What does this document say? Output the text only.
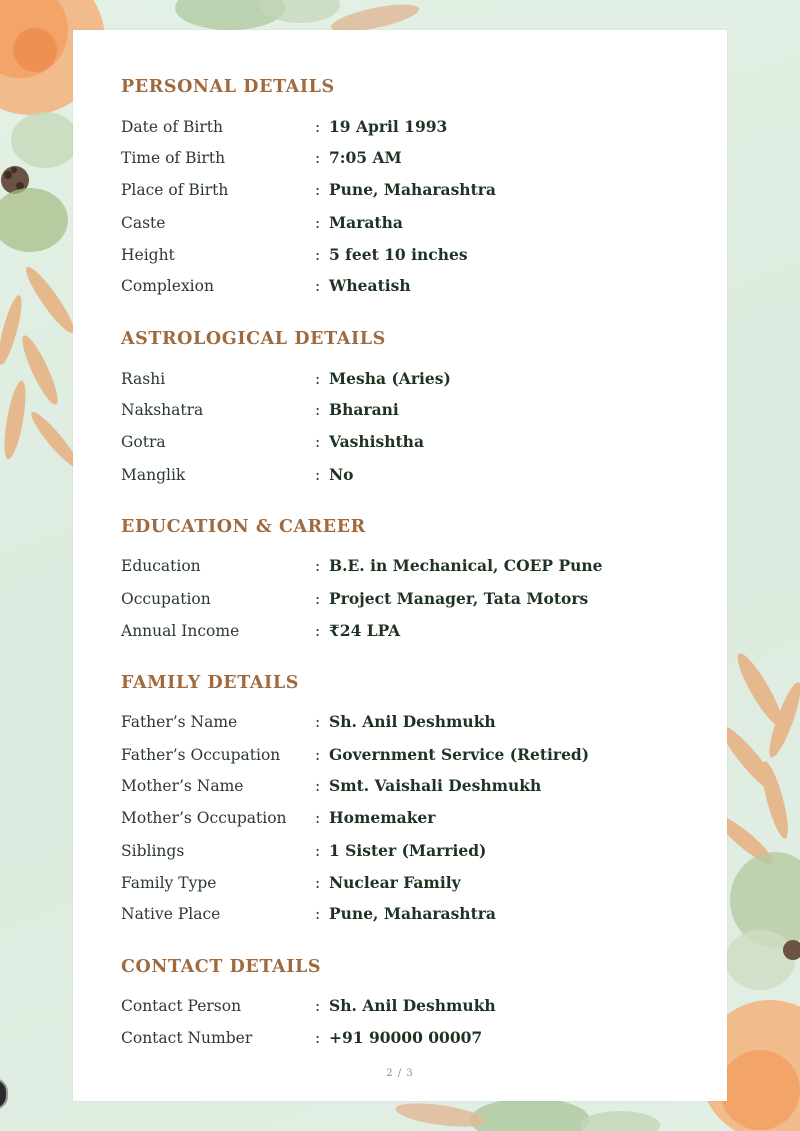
PERSONAL DETAILS
Date of Birth	: 19 April 1993
Time of Birth	: 7:05 AM
Place of Birth	: Pune, Maharashtra
Caste	: Maratha
Height	: 5 feet 10 inches
Complexion	: Wheatish
ASTROLOGICAL DETAILS
Rashi	: Mesha (Aries)
Nakshatra	: Bharani
Gotra	: Vashishtha
Manglik	: No
EDUCATION & CAREER
Education	: B.E. in Mechanical, COEP Pune
Occupation	: Project Manager, Tata Motors
Annual Income	: ₹24 LPA
FAMILY DETAILS
Father’s Name	: Sh. Anil Deshmukh
Father’s Occupation : Government Service (Retired)
Mother’s Name	: Smt. Vaishali Deshmukh
Mother’s Occupation : Homemaker
Siblings	: 1 Sister (Married)
Family Type	: Nuclear Family
Native Place	: Pune, Maharashtra
CONTACT DETAILS
Contact Person	: Sh. Anil Deshmukh
Contact Number	: +91 90000 00007
2 / 3
